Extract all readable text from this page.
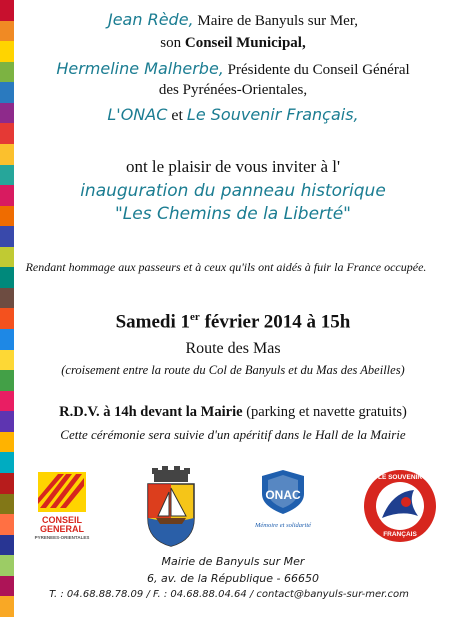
Jean Rède, Maire de Banyuls sur Mer,
son Conseil Municipal,
Hermeline Malherbe, Présidente du Conseil Général
des Pyrénées-Orientales,
L'ONAC et Le Souvenir Français,
ont le plaisir de vous inviter à l'
inauguration du panneau historique
"Les Chemins de la Liberté"
Rendant hommage aux passeurs et à ceux qu'ils ont aidés à fuir la France occupée.
Samedi 1er février 2014 à 15h
Route des Mas
(croisement entre la route du Col de Banyuls et du Mas des Abeilles)
R.D.V. à 14h devant la Mairie (parking et navette gratuits)
Cette cérémonie sera suivie d'un apéritif dans le Hall de la Mairie
CONSEIL
GENERAL
PYRENEES-ORIENTALES
ONAC
Mémoire et solidarité
LE SOUVENIR
FRANÇAIS
Mairie de Banyuls sur Mer
6, av. de la République - 66650
T. : 04.68.88.78.09 / F. : 04.68.88.04.64 / contact@banyuls-sur-mer.com
